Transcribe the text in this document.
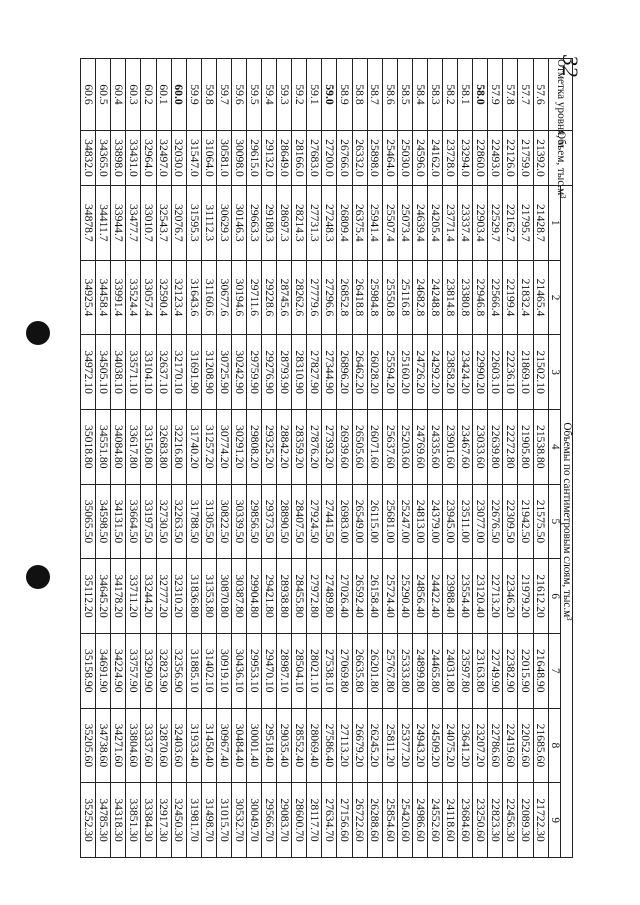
32
Отметка уровня, м	Объем, тыс.м³	Объемы по сантиметровым слоям, тыс.м³								
		1	2	3	4	5	6	7	8	9
57.6	21392.0	21428.7	21465.4	21502.10	21538.80	21575.50	21612.20	21648.90	21685.60	21722.30
57.7	21759.0	21795.7	21832.4	21869.10	21905.80	21942.50	21979.20	22015.90	22052.60	22089.30
57.8	22126.0	22162.7	22199.4	22236.10	22272.80	22309.50	22346.20	22382.90	22419.60	22456.30
57.9	22493.0	22529.7	22566.4	22603.10	22639.80	22676.50	22713.20	22749.90	22786.60	22823.30
58.0	22860.0	22903.4	22946.8	22990.20	23033.60	23077.00	23120.40	23163.80	23207.20	23250.60
58.1	23294.0	23337.4	23380.8	23424.20	23467.60	23511.00	23554.40	23597.80	23641.20	23684.60
58.2	23728.0	23771.4	23814.8	23858.20	23901.60	23945.00	23988.40	24031.80	24075.20	24118.60
58.3	24162.0	24205.4	24248.8	24292.20	24335.60	24379.00	24422.40	24465.80	24509.20	24552.60
58.4	24596.0	24639.4	24682.8	24726.20	24769.60	24813.00	24856.40	24899.80	24943.20	24986.60
58.5	25030.0	25073.4	25116.8	25160.20	25203.60	25247.00	25290.40	25333.80	25377.20	25420.60
58.6	25464.0	25507.4	25550.8	25594.20	25637.60	25681.00	25724.40	25767.80	25811.20	25854.60
58.7	25898.0	25941.4	25984.8	26028.20	26071.60	26115.00	26158.40	26201.80	26245.20	26288.60
58.8	26332.0	26375.4	26418.8	26462.20	26505.60	26549.00	26592.40	26635.80	26679.20	26722.60
58.9	26766.0	26809.4	26852.8	26896.20	26939.60	26983.00	27026.40	27069.80	27113.20	27156.60
59.0	27200.0	27248.3	27296.6	27344.90	27393.20	27441.50	27489.80	27538.10	27586.40	27634.70
59.1	27683.0	27731.3	27779.6	27827.90	27876.20	27924.50	27972.80	28021.10	28069.40	28117.70
59.2	28166.0	28214.3	28262.6	28310.90	28359.20	28407.50	28455.80	28504.10	28552.40	28600.70
59.3	28649.0	28697.3	28745.6	28793.90	28842.20	28890.50	28938.80	28987.10	29035.40	29083.70
59.4	29132.0	29180.3	29228.6	29276.90	29325.20	29373.50	29421.80	29470.10	29518.40	29566.70
59.5	29615.0	29663.3	29711.6	29759.90	29808.20	29856.50	29904.80	29953.10	30001.40	30049.70
59.6	30098.0	30146.3	30194.6	30242.90	30291.20	30339.50	30387.80	30436.10	30484.40	30532.70
59.7	30581.0	30629.3	30677.6	30725.90	30774.20	30822.50	30870.80	30919.10	30967.40	31015.70
59.8	31064.0	31112.3	31160.6	31208.90	31257.20	31305.50	31353.80	31402.10	31450.40	31498.70
59.9	31547.0	31595.3	31643.6	31691.90	31740.20	31788.50	31836.80	31885.10	31933.40	31981.70
60.0	32030.0	32076.7	32123.4	32170.10	32216.80	32263.50	32310.20	32356.90	32403.60	32450.30
60.1	32497.0	32543.7	32590.4	32637.10	32683.80	32730.50	32777.20	32823.90	32870.60	32917.30
60.2	32964.0	33010.7	33057.4	33104.10	33150.80	33197.50	33244.20	33290.90	33337.60	33384.30
60.3	33431.0	33477.7	33524.4	33571.10	33617.80	33664.50	33711.20	33757.90	33804.60	33851.30
60.4	33898.0	33944.7	33991.4	34038.10	34084.80	34131.50	34178.20	34224.90	34271.60	34318.30
60.5	34365.0	34411.7	34458.4	34505.10	34551.80	34598.50	34645.20	34691.90	34738.60	34785.30
60.6	34832.0	34878.7	34925.4	34972.10	35018.80	35065.50	35112.20	35158.90	35205.60	35252.30
